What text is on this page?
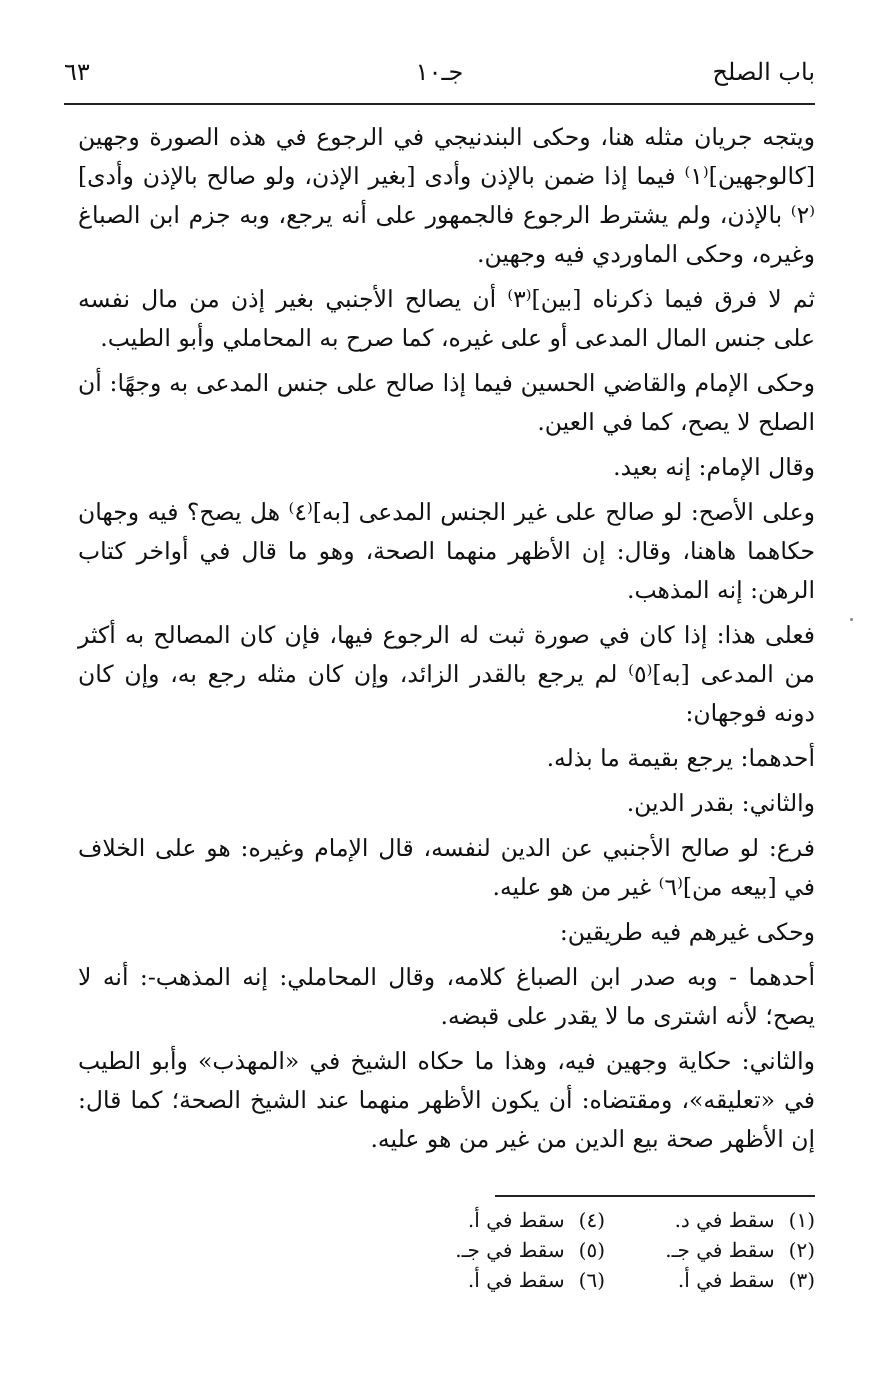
باب الصلح
جـ١٠
٦٣

ويتجه جريان مثله هنا، وحكى البندنيجي في الرجوع في هذه الصورة وجهين [كالوجهين]⁽١⁾ فيما إذا ضمن بالإذن وأدى [بغير الإذن، ولو صالح بالإذن وأدى]⁽٢⁾ بالإذن، ولم يشترط الرجوع فالجمهور على أنه يرجع، وبه جزم ابن الصباغ وغيره، وحكى الماوردي فيه وجهين.

ثم لا فرق فيما ذكرناه [بين]⁽٣⁾ أن يصالح الأجنبي بغير إذن من مال نفسه على جنس المال المدعى أو على غيره، كما صرح به المحاملي وأبو الطيب.

وحكى الإمام والقاضي الحسين فيما إذا صالح على جنس المدعى به وجهًا: أن الصلح لا يصح، كما في العين.

وقال الإمام: إنه بعيد.

وعلى الأصح: لو صالح على غير الجنس المدعى [به]⁽٤⁾ هل يصح؟ فيه وجهان حكاهما هاهنا، وقال: إن الأظهر منهما الصحة، وهو ما قال في أواخر كتاب الرهن: إنه المذهب.

فعلى هذا: إذا كان في صورة ثبت له الرجوع فيها، فإن كان المصالح به أكثر من المدعى [به]⁽٥⁾ لم يرجع بالقدر الزائد، وإن كان مثله رجع به، وإن كان دونه فوجهان:

أحدهما: يرجع بقيمة ما بذله.

والثاني: بقدر الدين.

فرع: لو صالح الأجنبي عن الدين لنفسه، قال الإمام وغيره: هو على الخلاف في [بيعه من]⁽٦⁾ غير من هو عليه.

وحكى غيرهم فيه طريقين:

أحدهما - وبه صدر ابن الصباغ كلامه، وقال المحاملي: إنه المذهب-: أنه لا يصح؛ لأنه اشترى ما لا يقدر على قبضه.

والثاني: حكاية وجهين فيه، وهذا ما حكاه الشيخ في «المهذب» وأبو الطيب في «تعليقه»، ومقتضاه: أن يكون الأظهر منهما عند الشيخ الصحة؛ كما قال: إن الأظهر صحة بيع الدين من غير من هو عليه.

(١) سقط في د.
(٢) سقط في جـ.
(٣) سقط في أ.
(٤) سقط في أ.
(٥) سقط في جـ.
(٦) سقط في أ.
